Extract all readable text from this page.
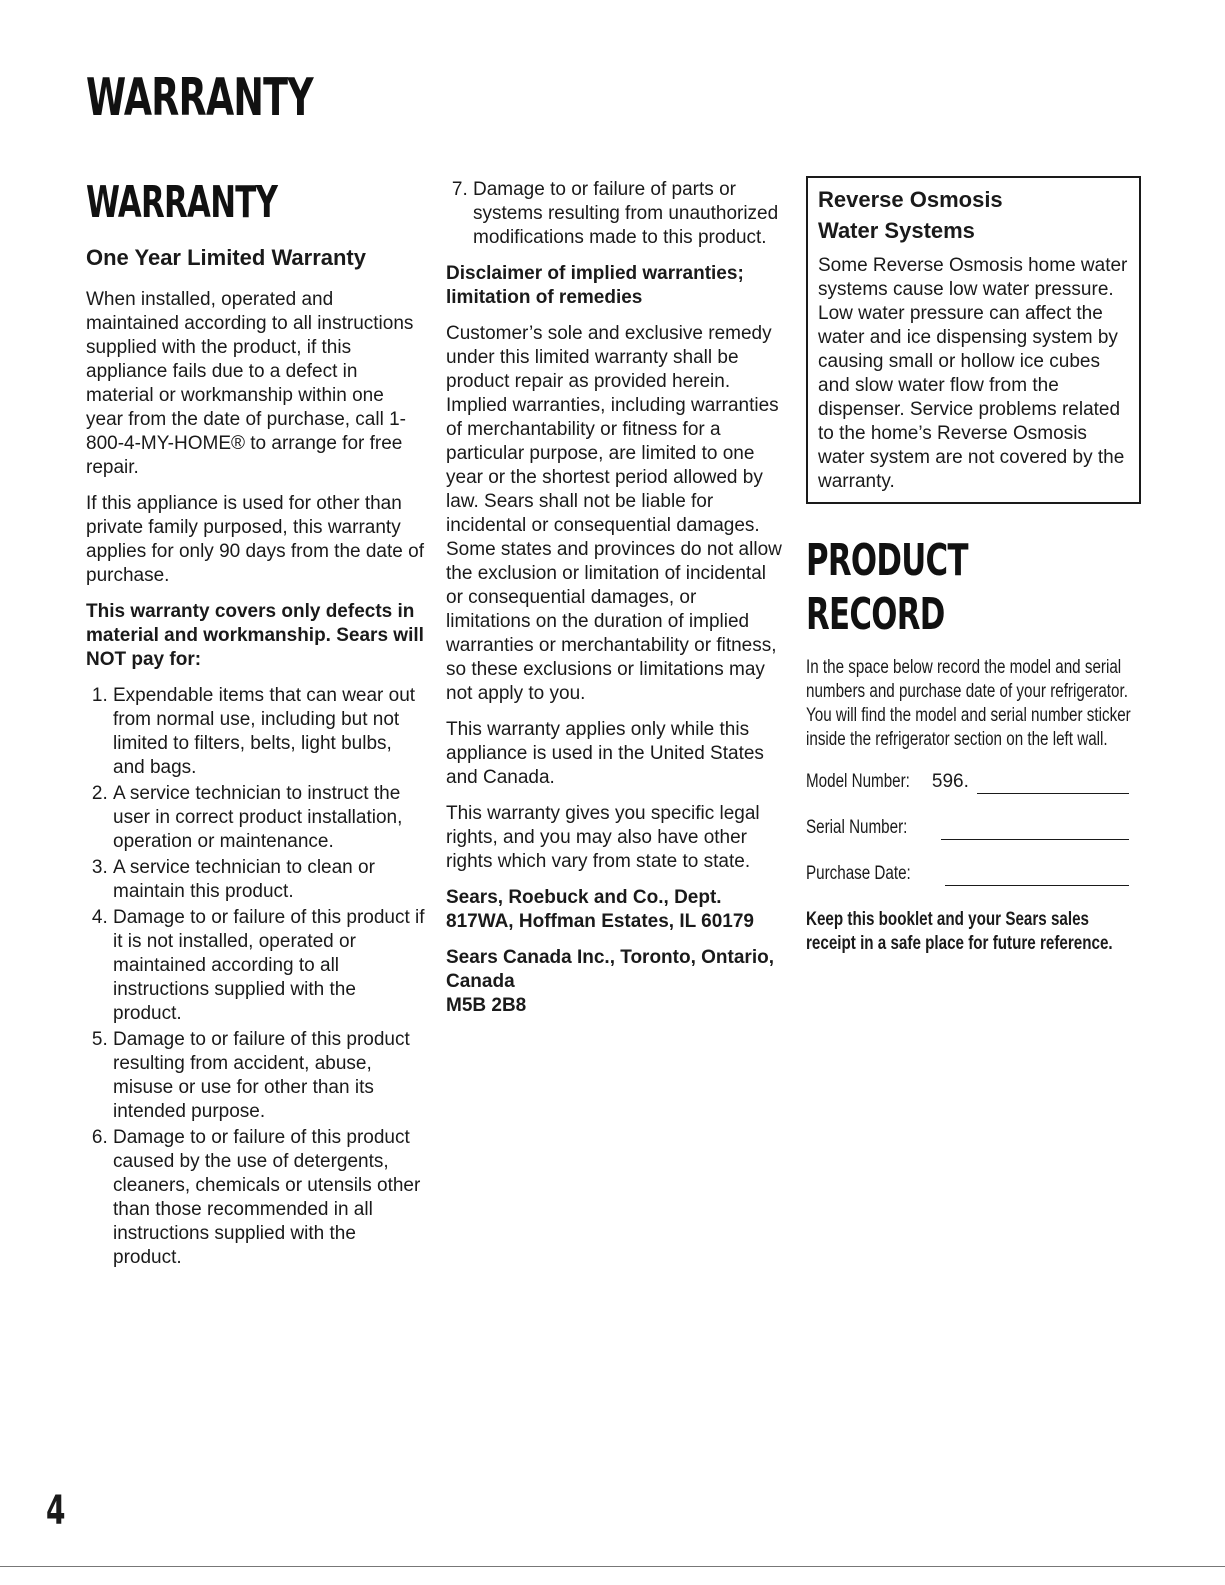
WARRANTY
WARRANTY
One Year Limited Warranty

When installed, operated and maintained according to all instructions supplied with the product, if this appliance fails due to a defect in material or workmanship within one year from the date of purchase, call 1-800-4-MY-HOME® to arrange for free repair.

If this appliance is used for other than private family purposed, this warranty applies for only 90 days from the date of purchase.

This warranty covers only defects in material and workmanship. Sears will NOT pay for:

1. Expendable items that can wear out from normal use, including but not limited to filters, belts, light bulbs, and bags.
2. A service technician to instruct the user in correct product installation, operation or maintenance.
3. A service technician to clean or maintain this product.
4. Damage to or failure of this product if it is not installed, operated or maintained according to all instructions supplied with the product.
5. Damage to or failure of this product resulting from accident, abuse, misuse or use for other than its intended purpose.
6. Damage to or failure of this product caused by the use of detergents, cleaners, chemicals or utensils other than those recommended in all instructions supplied with the product.
7. Damage to or failure of parts or systems resulting from unauthorized modifications made to this product.

Disclaimer of implied warranties; limitation of remedies

Customer’s sole and exclusive remedy under this limited warranty shall be product repair as provided herein. Implied warranties, including warranties of merchantability or fitness for a particular purpose, are limited to one year or the shortest period allowed by law. Sears shall not be liable for incidental or consequential damages. Some states and provinces do not allow the exclusion or limitation of incidental or consequential damages, or limitations on the duration of implied warranties or merchantability or fitness, so these exclusions or limitations may not apply to you.

This warranty applies only while this appliance is used in the United States and Canada.

This warranty gives you specific legal rights, and you may also have other rights which vary from state to state.

Sears, Roebuck and Co., Dept. 817WA, Hoffman Estates, IL 60179

Sears Canada Inc., Toronto, Ontario, Canada

M5B 2B8

Reverse Osmosis
Water Systems

Some Reverse Osmosis home water systems cause low water pressure. Low water pressure can affect the water and ice dispensing system by causing small or hollow ice cubes and slow water flow from the dispenser. Service problems related to the home’s Reverse Osmosis water system are not covered by the warranty.

PRODUCT RECORD
In the space below record the model and serial numbers and purchase date of your refrigerator. You will find the model and serial number sticker inside the refrigerator section on the left wall.
Model Number: 596.
Serial Number:
Purchase Date:
Keep this booklet and your Sears sales receipt in a safe place for future reference.
4
